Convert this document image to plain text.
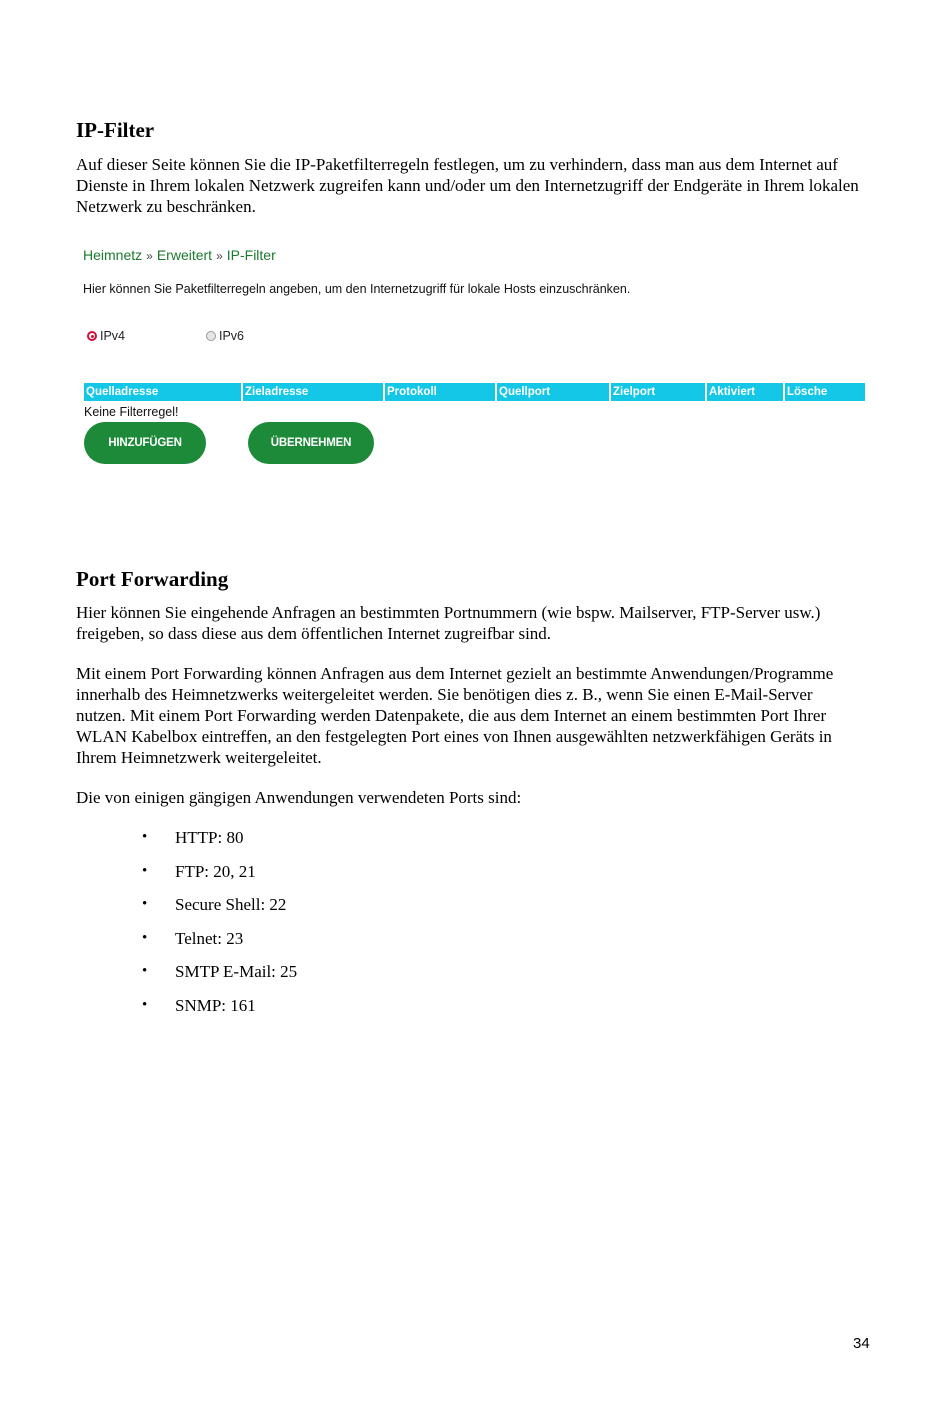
IP-Filter
Auf dieser Seite können Sie die IP-Paketfilterregeln festlegen, um zu verhindern, dass man aus dem Internet auf Dienste in Ihrem lokalen Netzwerk zugreifen kann und/oder um den Internetzugriff der Endgeräte in Ihrem lokalen Netzwerk zu beschränken.
Heimnetz » Erweitert » IP-Filter
Hier können Sie Paketfilterregeln angeben, um den Internetzugriff für lokale Hosts einzuschränken.
IPv4	IPv6
Quelladresse	Zieladresse	Protokoll	Quellport	Zielport	Aktiviert	Lösche
Keine Filterregel!
HINZUFÜGEN	ÜBERNEHMEN
Port Forwarding
Hier können Sie eingehende Anfragen an bestimmten Portnummern (wie bspw. Mailserver, FTP-Server usw.) freigeben, so dass diese aus dem öffentlichen Internet zugreifbar sind.
Mit einem Port Forwarding können Anfragen aus dem Internet gezielt an bestimmte Anwendungen/Programme innerhalb des Heimnetzwerks weitergeleitet werden. Sie benötigen dies z. B., wenn Sie einen E-Mail-Server nutzen. Mit einem Port Forwarding werden Datenpakete, die aus dem Internet an einem bestimmten Port Ihrer WLAN Kabelbox eintreffen, an den festgelegten Port eines von Ihnen ausgewählten netzwerkfähigen Geräts in Ihrem Heimnetzwerk weitergeleitet.
Die von einigen gängigen Anwendungen verwendeten Ports sind:
• HTTP: 80
• FTP: 20, 21
• Secure Shell: 22
• Telnet: 23
• SMTP E-Mail: 25
• SNMP: 161
34
